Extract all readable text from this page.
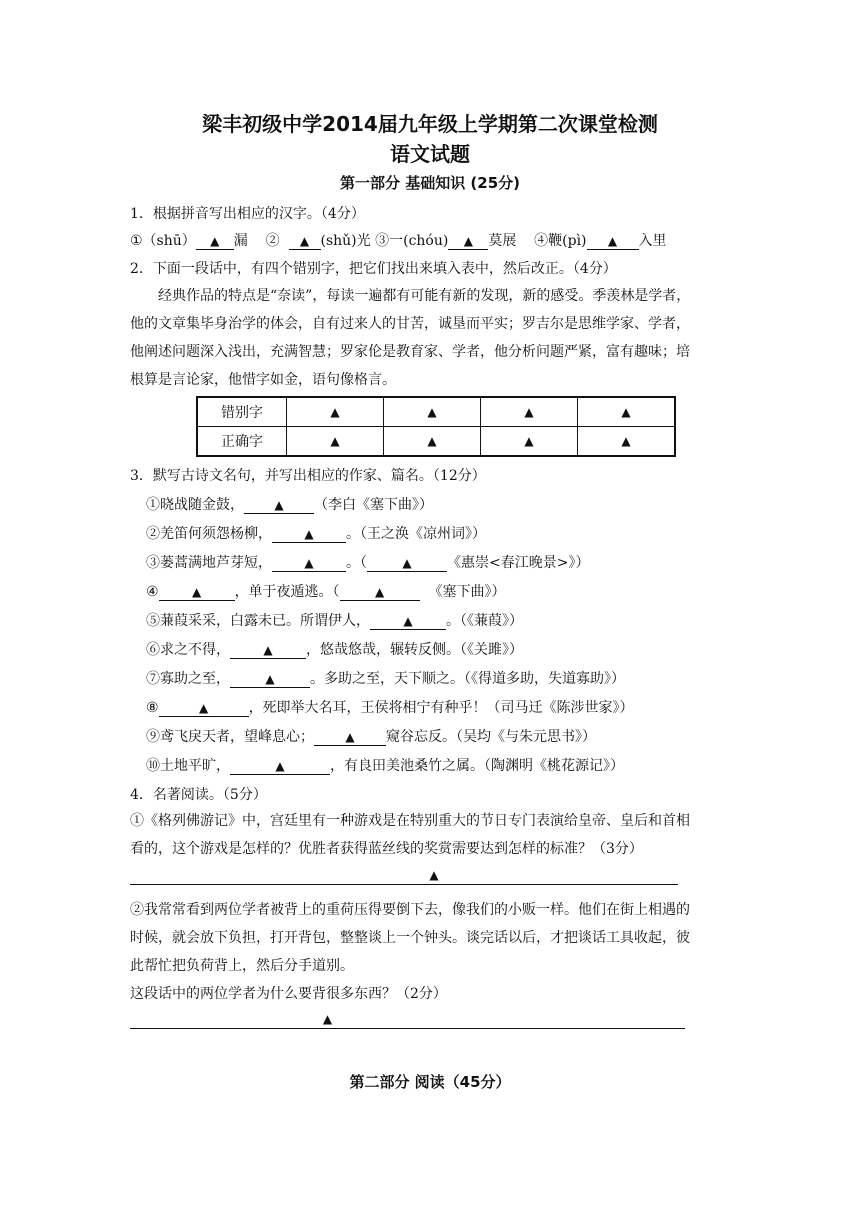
梁丰初级中学2014届九年级上学期第二次课堂检测
语文试题
第一部分 基础知识 (25分)
1．根据拼音写出相应的汉字。（4分）
①（shū） ▲ 漏 ② ▲ (shǔ)光 ③一(chóu) ▲ 莫展 ④鞭(pì) ▲ 入里
2．下面一段话中，有四个错别字，把它们找出来填入表中，然后改正。（4分）
经典作品的特点是“奈读”，每读一遍都有可能有新的发现，新的感受。季羡林是学者，
他的文章集毕身治学的体会，自有过来人的甘苦，诚垦而平实；罗吉尔是思维学家、学者，
他阐述问题深入浅出，充满智慧；罗家伦是教育家、学者，他分析问题严紧，富有趣味；培
根算是言论家，他惜字如金，语句像格言。
错别字	▲	▲	▲	▲
正确字	▲	▲	▲	▲
3．默写古诗文名句，并写出相应的作家、篇名。（12分）
①晓战随金鼓，	▲ （李白《塞下曲》）
②羌笛何须怨杨柳，	▲ 。（王之涣《凉州词》）
③蒌蒿满地芦芽短，	▲ 。（	▲	《惠崇<春江晚景>》）
④	▲ ，单于夜遁逃。（	▲	《塞下曲》）
⑤蒹葭采采，白露未已。所谓伊人，	▲ 。（《蒹葭》）
⑥求之不得，	▲ ，悠哉悠哉，辗转反侧。（《关雎》）
⑦寡助之至，	▲	。多助之至，天下顺之。（《得道多助，失道寡助》）
⑧	▲	，死即举大名耳，王侯将相宁有种乎！（司马迁《陈涉世家》）
⑨鸢飞戾天者，望峰息心；	▲ 窥谷忘反。（吴均《与朱元思书》）
⑩土地平旷，	▲	，有良田美池桑竹之属。（陶渊明《桃花源记》）
4．名著阅读。（5分）
①《格列佛游记》中，宫廷里有一种游戏是在特别重大的节日专门表演给皇帝、皇后和首相
看的，这个游戏是怎样的？优胜者获得蓝丝线的奖赏需要达到怎样的标准？（3分）
▲
②我常常看到两位学者被背上的重荷压得要倒下去，像我们的小贩一样。他们在街上相遇的
时候，就会放下负担，打开背包，整整谈上一个钟头。谈完话以后，才把谈话工具收起，彼
此帮忙把负荷背上，然后分手道别。
这段话中的两位学者为什么要背很多东西？（2分）
▲
第二部分 阅读（45分）
